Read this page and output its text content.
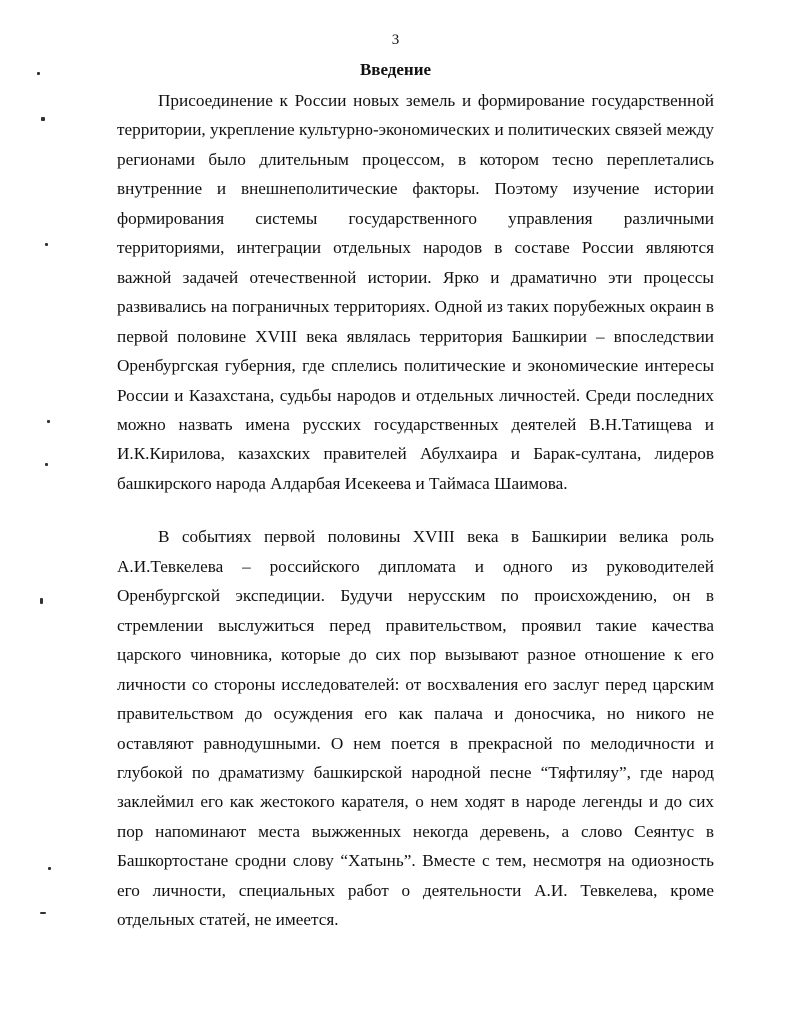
3
Введение

Присоединение к России новых земель и формирование государственной территории, укрепление культурно-экономических и политических связей между регионами было длительным процессом, в котором тесно переплетались внутренние и внешнеполитические факторы. Поэтому изучение истории формирования системы государственного управления различными территориями, интеграции отдельных народов в составе России являются важной задачей отечественной истории. Ярко и драматично эти процессы развивались на пограничных территориях. Одной из таких порубежных окраин в первой половине XVIII века являлась территория Башкирии – впоследствии Оренбургская губерния, где сплелись политические и экономические интересы России и Казахстана, судьбы народов и отдельных личностей. Среди последних можно назвать имена русских государственных деятелей В.Н.Татищева и И.К.Кирилова, казахских правителей Абулхаира и Барак-султана, лидеров башкирского народа Алдарбая Исекеева и Таймаса Шаимова.

В событиях первой половины XVIII века в Башкирии велика роль А.И.Тевкелева – российского дипломата и одного из руководителей Оренбургской экспедиции. Будучи нерусским по происхождению, он в стремлении выслужиться перед правительством, проявил такие качества царского чиновника, которые до сих пор вызывают разное отношение к его личности со стороны исследователей: от восхваления его заслуг перед царским правительством до осуждения его как палача и доносчика, но никого не оставляют равнодушными. О нем поется в прекрасной по мелодичности и глубокой по драматизму башкирской народной песне “Тяфтиляу”, где народ заклеймил его как жестокого карателя, о нем ходят в народе легенды и до сих пор напоминают места выжженных некогда деревень, а слово Сеянтус в Башкортостане сродни слову “Хатынь”. Вместе с тем, несмотря на одиозность его личности, специальных работ о деятельности А.И. Тевкелева, кроме отдельных статей, не имеется.
